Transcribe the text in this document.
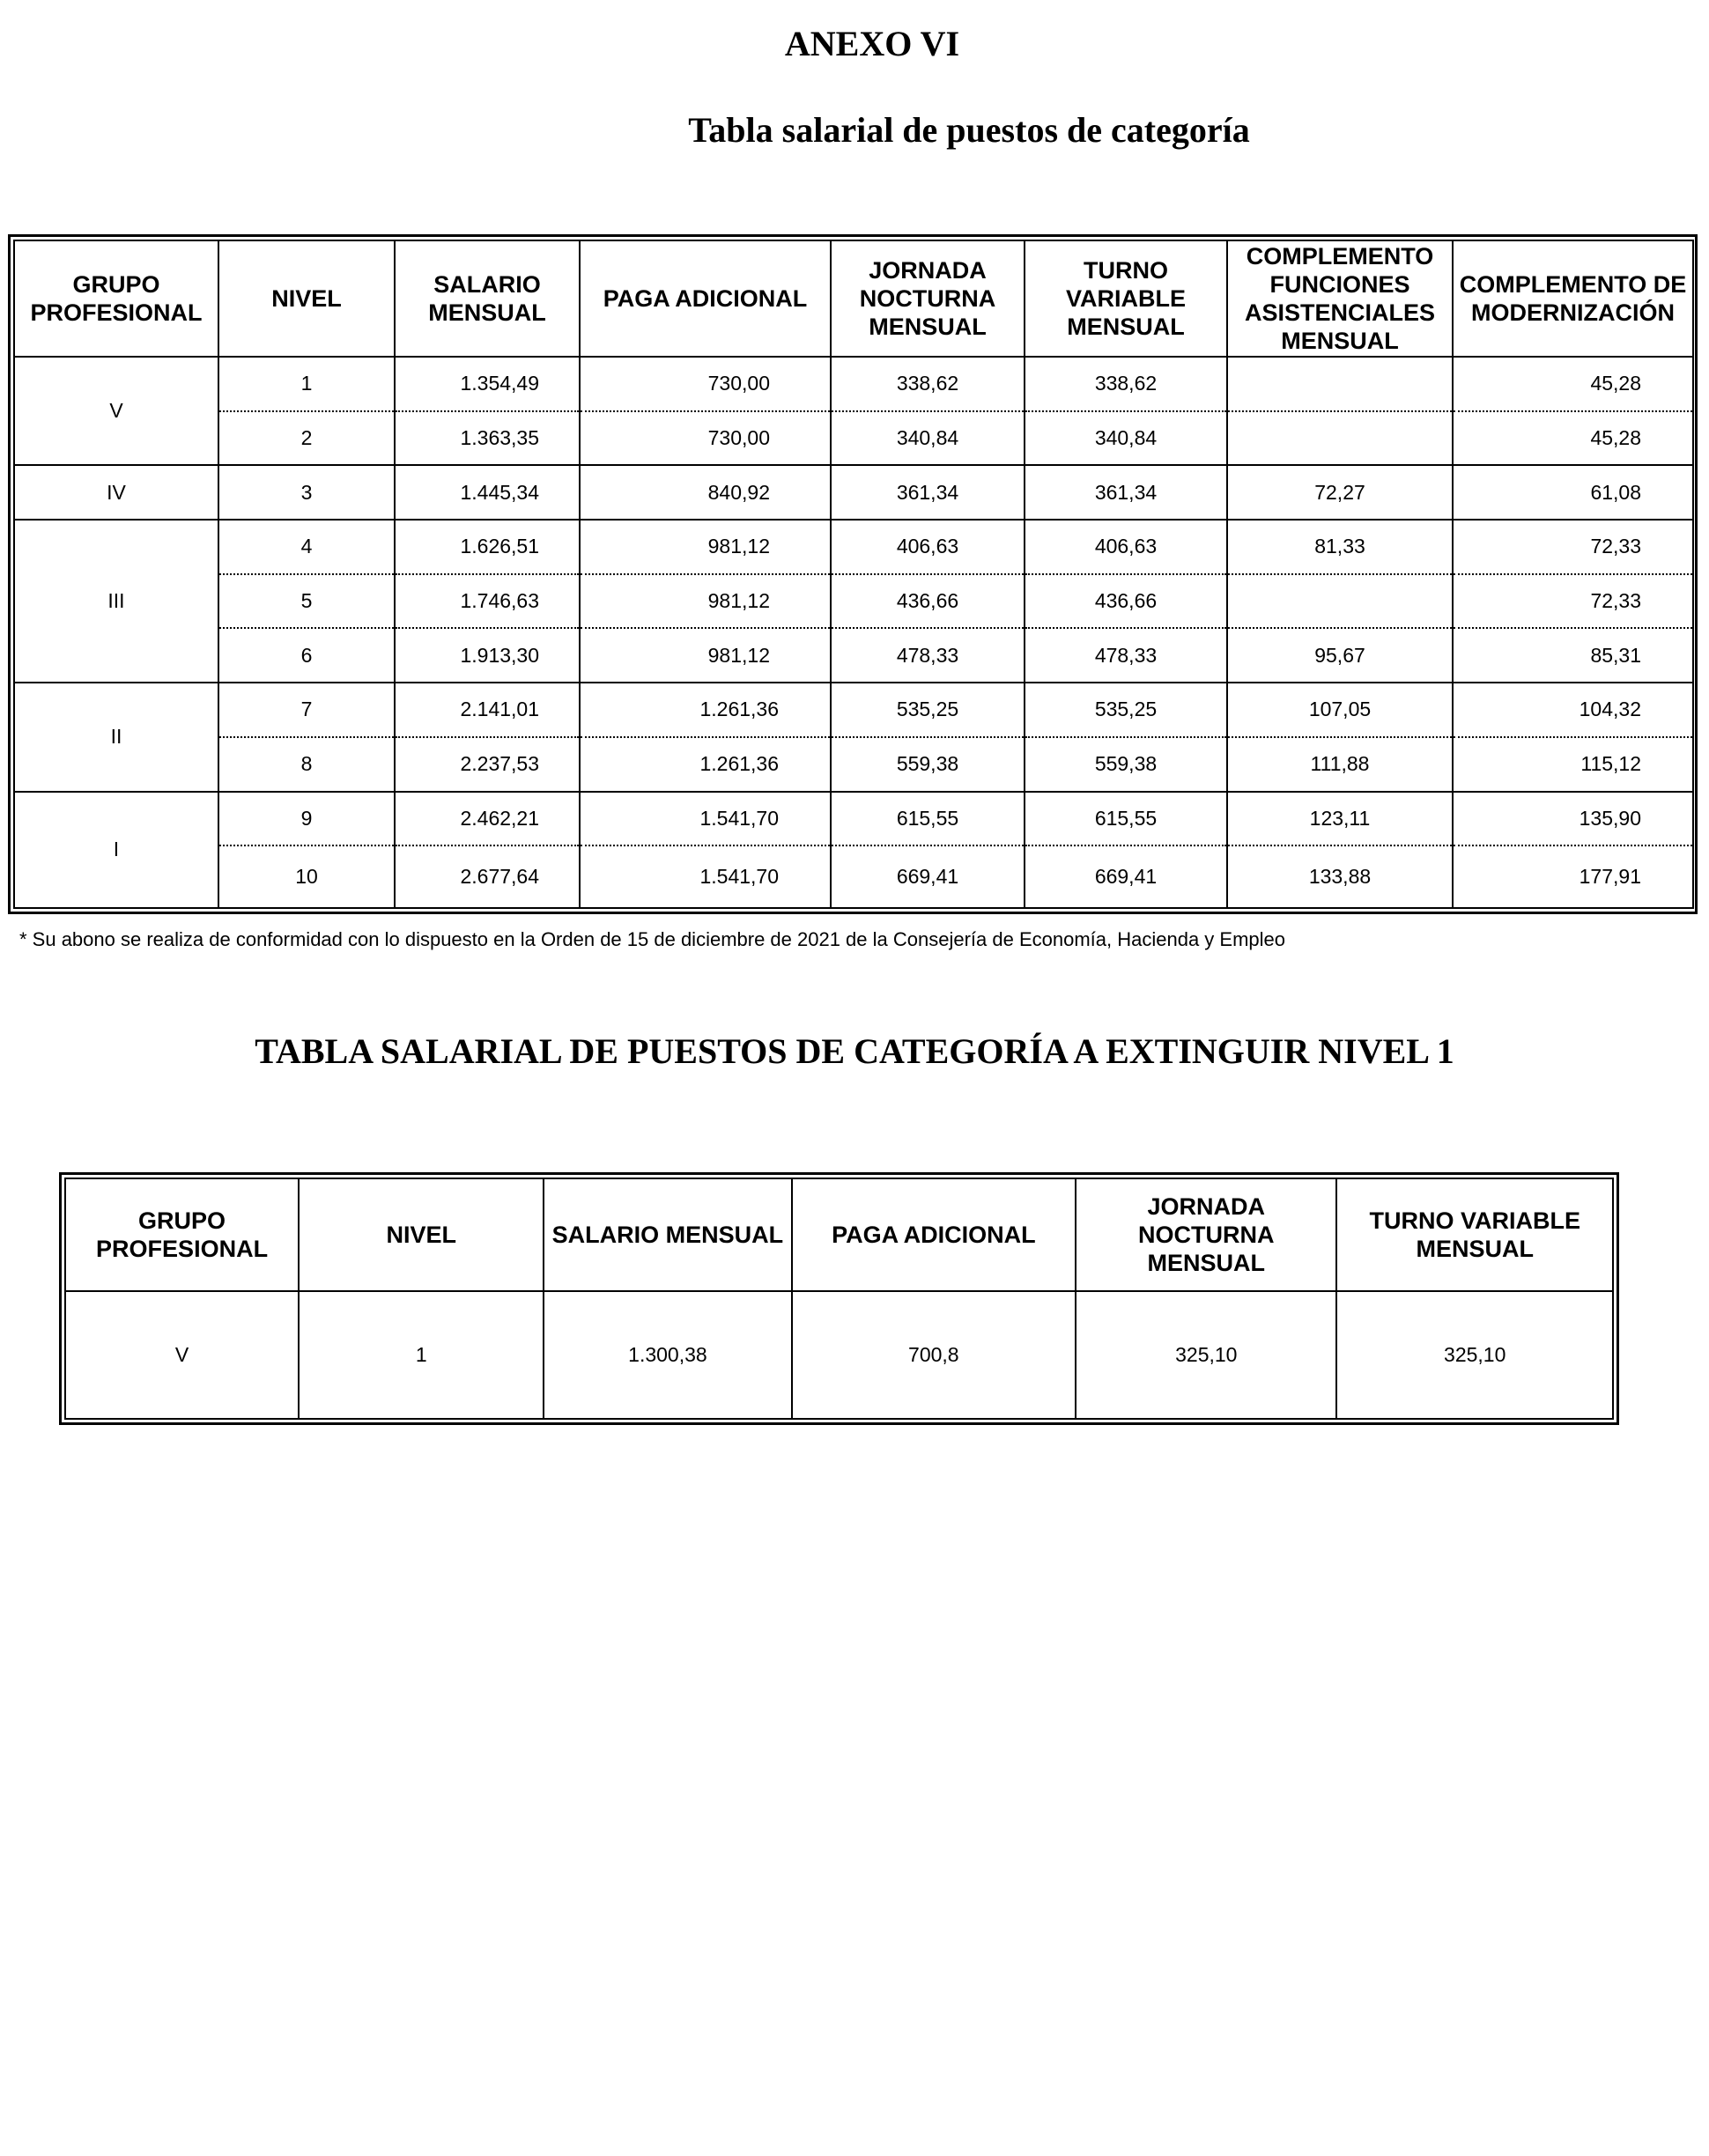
ANEXO VI
Tabla salarial de puestos de categoría
GRUPO PROFESIONAL	NIVEL	SALARIO MENSUAL	PAGA ADICIONAL	JORNADA NOCTURNA MENSUAL	TURNO VARIABLE MENSUAL	COMPLEMENTO FUNCIONES ASISTENCIALES MENSUAL	COMPLEMENTO DE MODERNIZACIÓN
V	1	1.354,49	730,00	338,62	338,62		45,28
	2	1.363,35	730,00	340,84	340,84		45,28
IV	3	1.445,34	840,92	361,34	361,34	72,27	61,08
III	4	1.626,51	981,12	406,63	406,63	81,33	72,33
	5	1.746,63	981,12	436,66	436,66		72,33
	6	1.913,30	981,12	478,33	478,33	95,67	85,31
II	7	2.141,01	1.261,36	535,25	535,25	107,05	104,32
	8	2.237,53	1.261,36	559,38	559,38	111,88	115,12
I	9	2.462,21	1.541,70	615,55	615,55	123,11	135,90
	10	2.677,64	1.541,70	669,41	669,41	133,88	177,91
* Su abono se realiza de conformidad con lo dispuesto en la Orden de 15 de diciembre de 2021 de la Consejería de Economía, Hacienda y Empleo
TABLA SALARIAL DE PUESTOS DE CATEGORÍA A EXTINGUIR NIVEL 1
GRUPO PROFESIONAL	NIVEL	SALARIO MENSUAL	PAGA ADICIONAL	JORNADA NOCTURNA MENSUAL	TURNO VARIABLE MENSUAL
V	1	1.300,38	700,8	325,10	325,10
